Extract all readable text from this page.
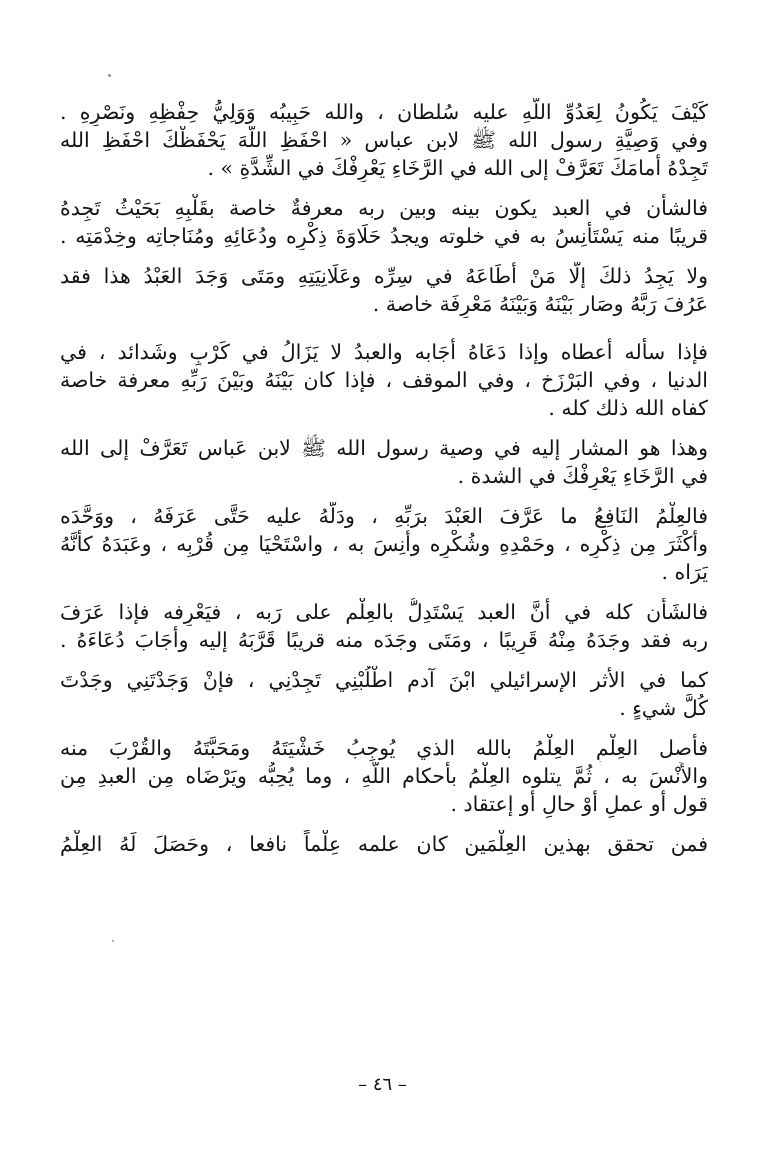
كَيْفَ يَكُونُ لِعَدُوِّ اللَّهِ عليه سُلطان ، والله حَبِيبُه وَوَلِيُّ حِفْظِهِ ونَصْرِهِ .
وفي وَصِيَّةِ رسول الله ﷺ لابن عباس « احْفَظِ اللَّهَ يَحْفَظْكَ احْفَظِ الله
تَجِدْهُ أمامَكَ تَعَرَّفْ إلى الله في الرَّخَاءِ يَعْرِفْكَ في الشِّدَّةِ » .
فالشأن في العبد يكون بينه وبين ربه معرفةٌ خاصة بقَلْبِهِ بَحَيْثُ تَجِدهُ
قريبًا منه يَسْتَأْنِسُ به في خلوته ويجدُ حَلَاوَةَ ذِكْرِه ودُعَائِهِ ومُنَاجاتِه وخِدْمَتِه .
ولا يَجِدُ ذلكَ إلَّا مَنْ أطَاعَهُ في سِرِّه وعَلَانِيَتِهِ ومَتَى وَجَدَ العَبْدُ هذا فقد
عَرُفَ رَبَّهُ وصَار بَيْنَهُ وَبَيْنَهُ مَعْرِفَة خاصة .
فإذا سأله أعطاه وإذا دَعَاهُ أجَابه والعبدُ لا يَزَالُ في كَرْبٍ وشَدائد ، في
الدنيا ، وفي البَرْزَخ ، وفي الموقف ، فإذا كان بَيْنَهُ وبَيْنَ رَبِّهِ معرفة خاصة
كفاه الله ذلك كله .
وهذا هو المشار إليه في وصية رسول الله ﷺ لابن عَباس تَعَرَّفْ إلى الله
في الرَّخَاءِ يَعْرِفْكَ في الشدة .
فالعِلْمُ النَافِعُ ما عَرَّفَ العَبْدَ برَبِّهِ ، ودَلَّهُ عليه حَتَّى عَرَفَهُ ، ووَحَّدَه
وأكْثَرَ مِن ذِكْرِه ، وحَمْدِهِ وشُكْرِه وأنِسَ به ، واسْتَحْيَا مِن قُرْبِه ، وعَبَدَهُ كأنَّهُ
يَرَاه .
فالشَأن كله في أنَّ العبد يَسْتَدِلُّ بالعِلْم على رَبه ، فيَعْرِفه فإذا عَرَفَ
ربه فقد وجَدَهُ مِنْهُ قَرِيبًا ، ومَتَى وجَدَه منه قريبًا قَرَّبَهُ إليه وأجَابَ دُعَاءَهُ .
كما في الأثر الإسرائيلي ابْنَ آدم اطْلُبْنِي تَجِدْنِي ، فإنْ وَجَدْتَنِي وجَدْتَ
كُلَّ شيءٍ .
فأصل العِلْمِ العِلْمُ بالله الذي يُوجِبُ خَشْيَتَهُ ومَحَبَّتَهُ والقُرْبَ منه
والأُنْسَ به ، ثُمَّ يتلوه العِلْمُ بأحكام اللَّهِ ، وما يُحِبُّه ويَرْضَاه مِن العبدِ مِن
قول أو عملٍ أوْ حالٍ أو إعتقاد .
فمن تحقق بهذين العِلْمَين كان علمه عِلْماً نافعا ، وحَصَلَ لَهُ العِلْمُ
– ٤٦ –
